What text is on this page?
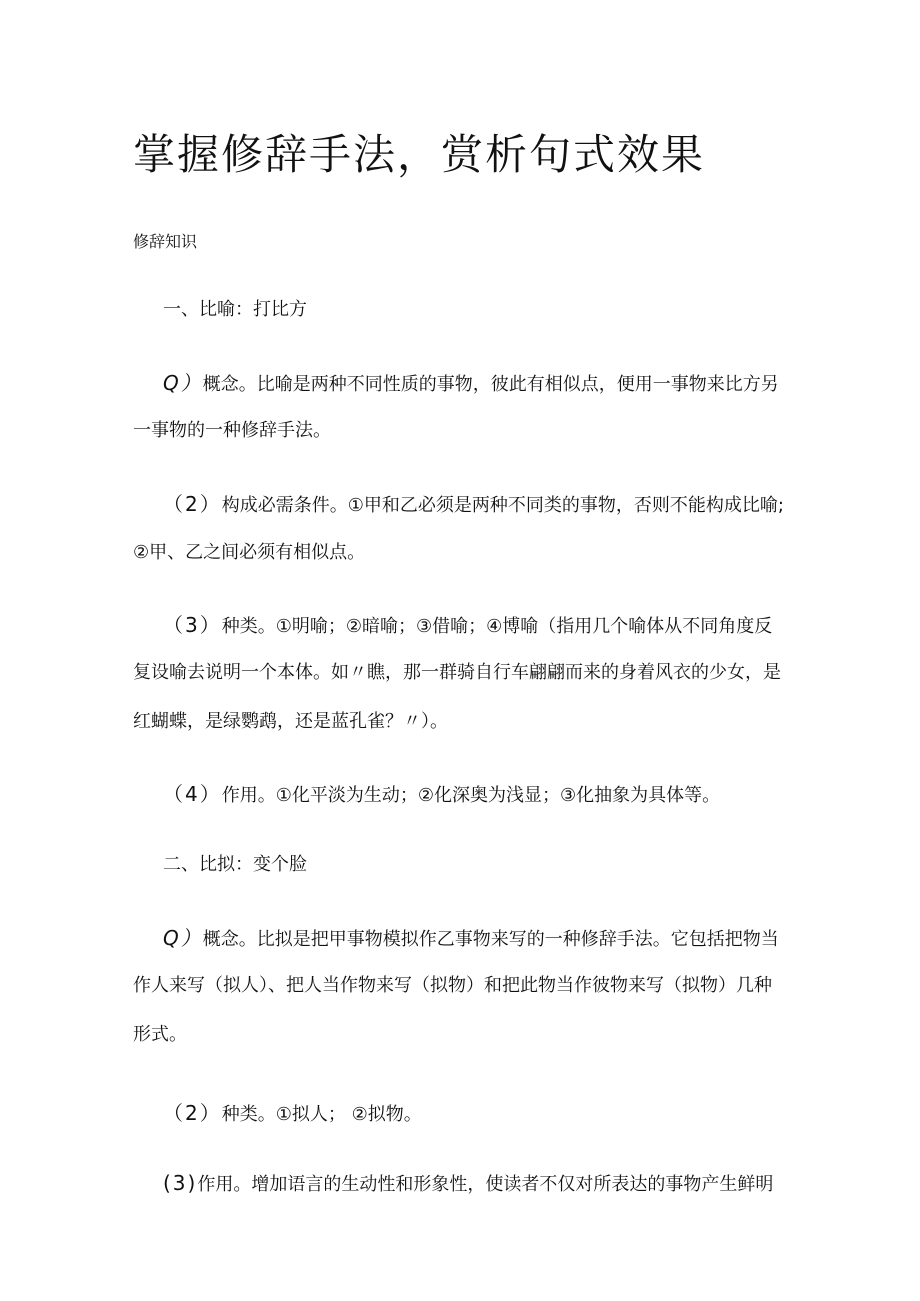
掌握修辞手法，赏析句式效果
修辞知识
一、比喻：打比方
Q）概念。比喻是两种不同性质的事物，彼此有相似点，便用一事物来比方另
一事物的一种修辞手法。
（2）构成必需条件。①甲和乙必须是两种不同类的事物，否则不能构成比喻;
②甲、乙之间必须有相似点。
（3）种类。①明喻；②暗喻；③借喻；④博喻（指用几个喻体从不同角度反
复设喻去说明一个本体。如〃瞧，那一群骑自行车翩翩而来的身着风衣的少女，是
红蝴蝶，是绿鹦鹉，还是蓝孔雀？〃）。
（4）作用。①化平淡为生动；②化深奥为浅显；③化抽象为具体等。
二、比拟：变个脸
Q）概念。比拟是把甲事物模拟作乙事物来写的一种修辞手法。它包括把物当
作人来写（拟人）、把人当作物来写（拟物）和把此物当作彼物来写（拟物）几种
形式。
（2）种类。①拟人； ②拟物。
(3)作用。增加语言的生动性和形象性，使读者不仅对所表达的事物产生鲜明
